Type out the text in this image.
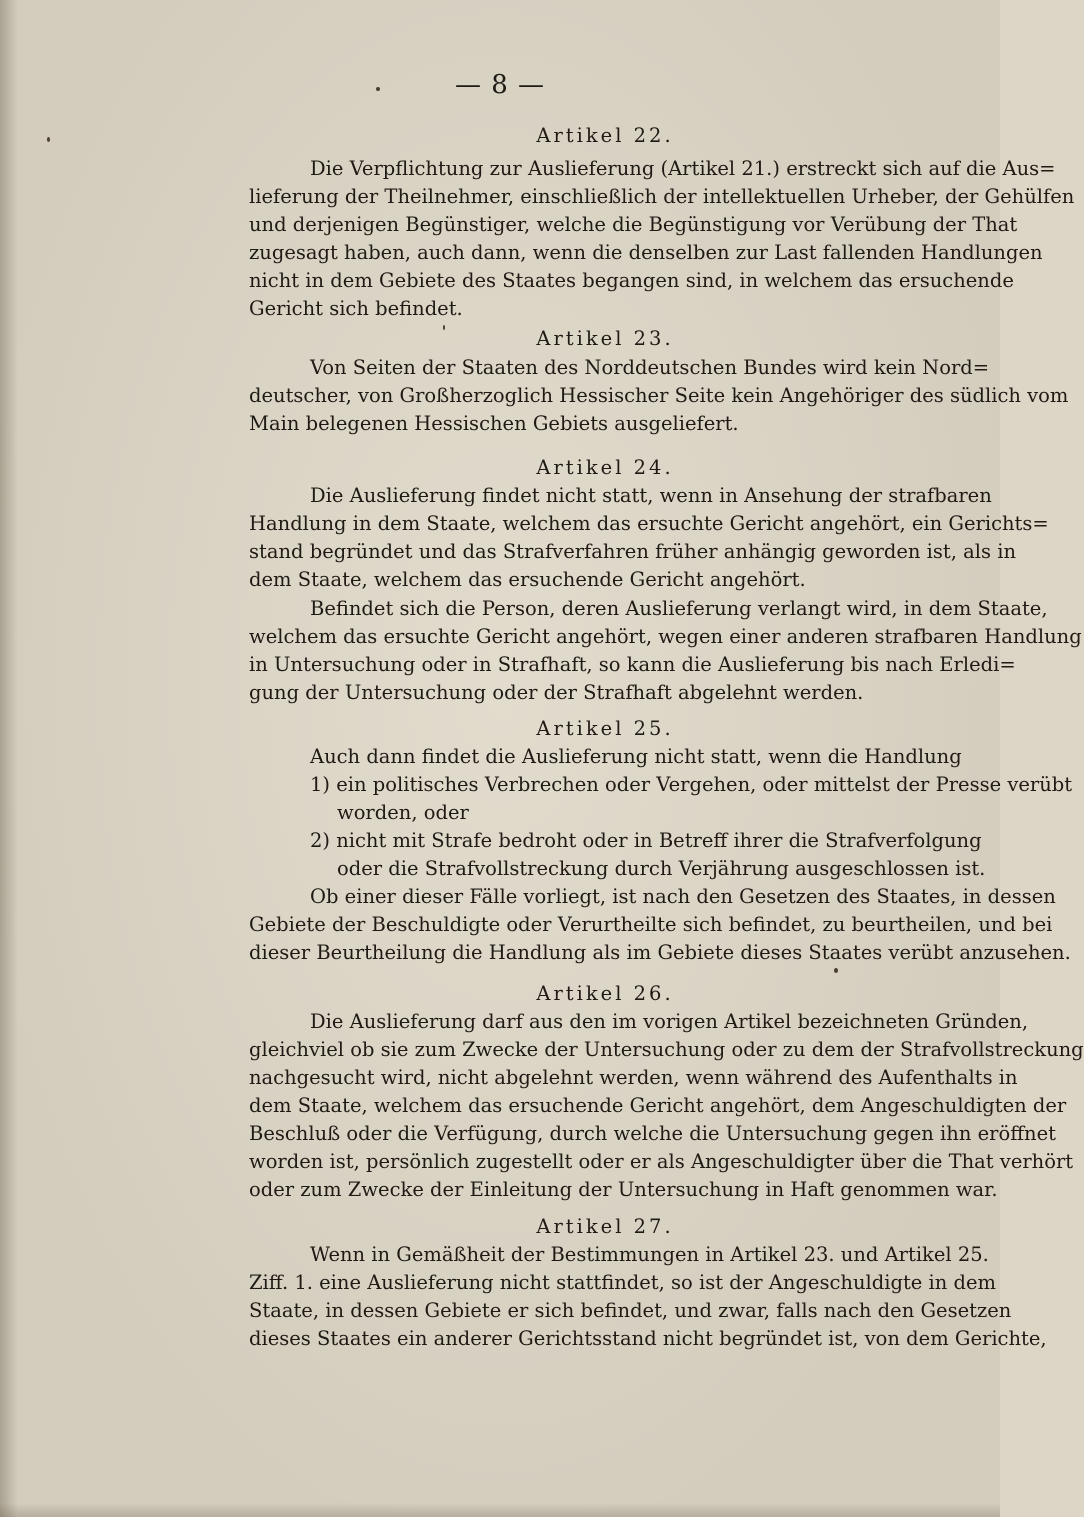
— 8 —

Artikel 22.

Die Verpflichtung zur Auslieferung (Artikel 21.) erstreckt sich auf die Aus=

lieferung der Theilnehmer, einschließlich der intellektuellen Urheber, der Gehülfen

und derjenigen Begünstiger, welche die Begünstigung vor Verübung der That

zugesagt haben, auch dann, wenn die denselben zur Last fallenden Handlungen

nicht in dem Gebiete des Staates begangen sind, in welchem das ersuchende

Gericht sich befindet.

Artikel 23.

Von Seiten der Staaten des Norddeutschen Bundes wird kein Nord=

deutscher, von Großherzoglich Hessischer Seite kein Angehöriger des südlich vom

Main belegenen Hessischen Gebiets ausgeliefert.

Artikel 24.

Die Auslieferung findet nicht statt, wenn in Ansehung der strafbaren

Handlung in dem Staate, welchem das ersuchte Gericht angehört, ein Gerichts=

stand begründet und das Strafverfahren früher anhängig geworden ist, als in

dem Staate, welchem das ersuchende Gericht angehört.

Befindet sich die Person, deren Auslieferung verlangt wird, in dem Staate,

welchem das ersuchte Gericht angehört, wegen einer anderen strafbaren Handlung

in Untersuchung oder in Strafhaft, so kann die Auslieferung bis nach Erledi=

gung der Untersuchung oder der Strafhaft abgelehnt werden.

Artikel 25.

Auch dann findet die Auslieferung nicht statt, wenn die Handlung

1) ein politisches Verbrechen oder Vergehen, oder mittelst der Presse verübt

worden, oder

2) nicht mit Strafe bedroht oder in Betreff ihrer die Strafverfolgung

oder die Strafvollstreckung durch Verjährung ausgeschlossen ist.

Ob einer dieser Fälle vorliegt, ist nach den Gesetzen des Staates, in dessen

Gebiete der Beschuldigte oder Verurtheilte sich befindet, zu beurtheilen, und bei

dieser Beurtheilung die Handlung als im Gebiete dieses Staates verübt anzusehen.

Artikel 26.

Die Auslieferung darf aus den im vorigen Artikel bezeichneten Gründen,

gleichviel ob sie zum Zwecke der Untersuchung oder zu dem der Strafvollstreckung

nachgesucht wird, nicht abgelehnt werden, wenn während des Aufenthalts in

dem Staate, welchem das ersuchende Gericht angehört, dem Angeschuldigten der

Beschluß oder die Verfügung, durch welche die Untersuchung gegen ihn eröffnet

worden ist, persönlich zugestellt oder er als Angeschuldigter über die That verhört

oder zum Zwecke der Einleitung der Untersuchung in Haft genommen war.

Artikel 27.

Wenn in Gemäßheit der Bestimmungen in Artikel 23. und Artikel 25.

Ziff. 1. eine Auslieferung nicht stattfindet, so ist der Angeschuldigte in dem

Staate, in dessen Gebiete er sich befindet, und zwar, falls nach den Gesetzen

dieses Staates ein anderer Gerichtsstand nicht begründet ist, von dem Gerichte,
